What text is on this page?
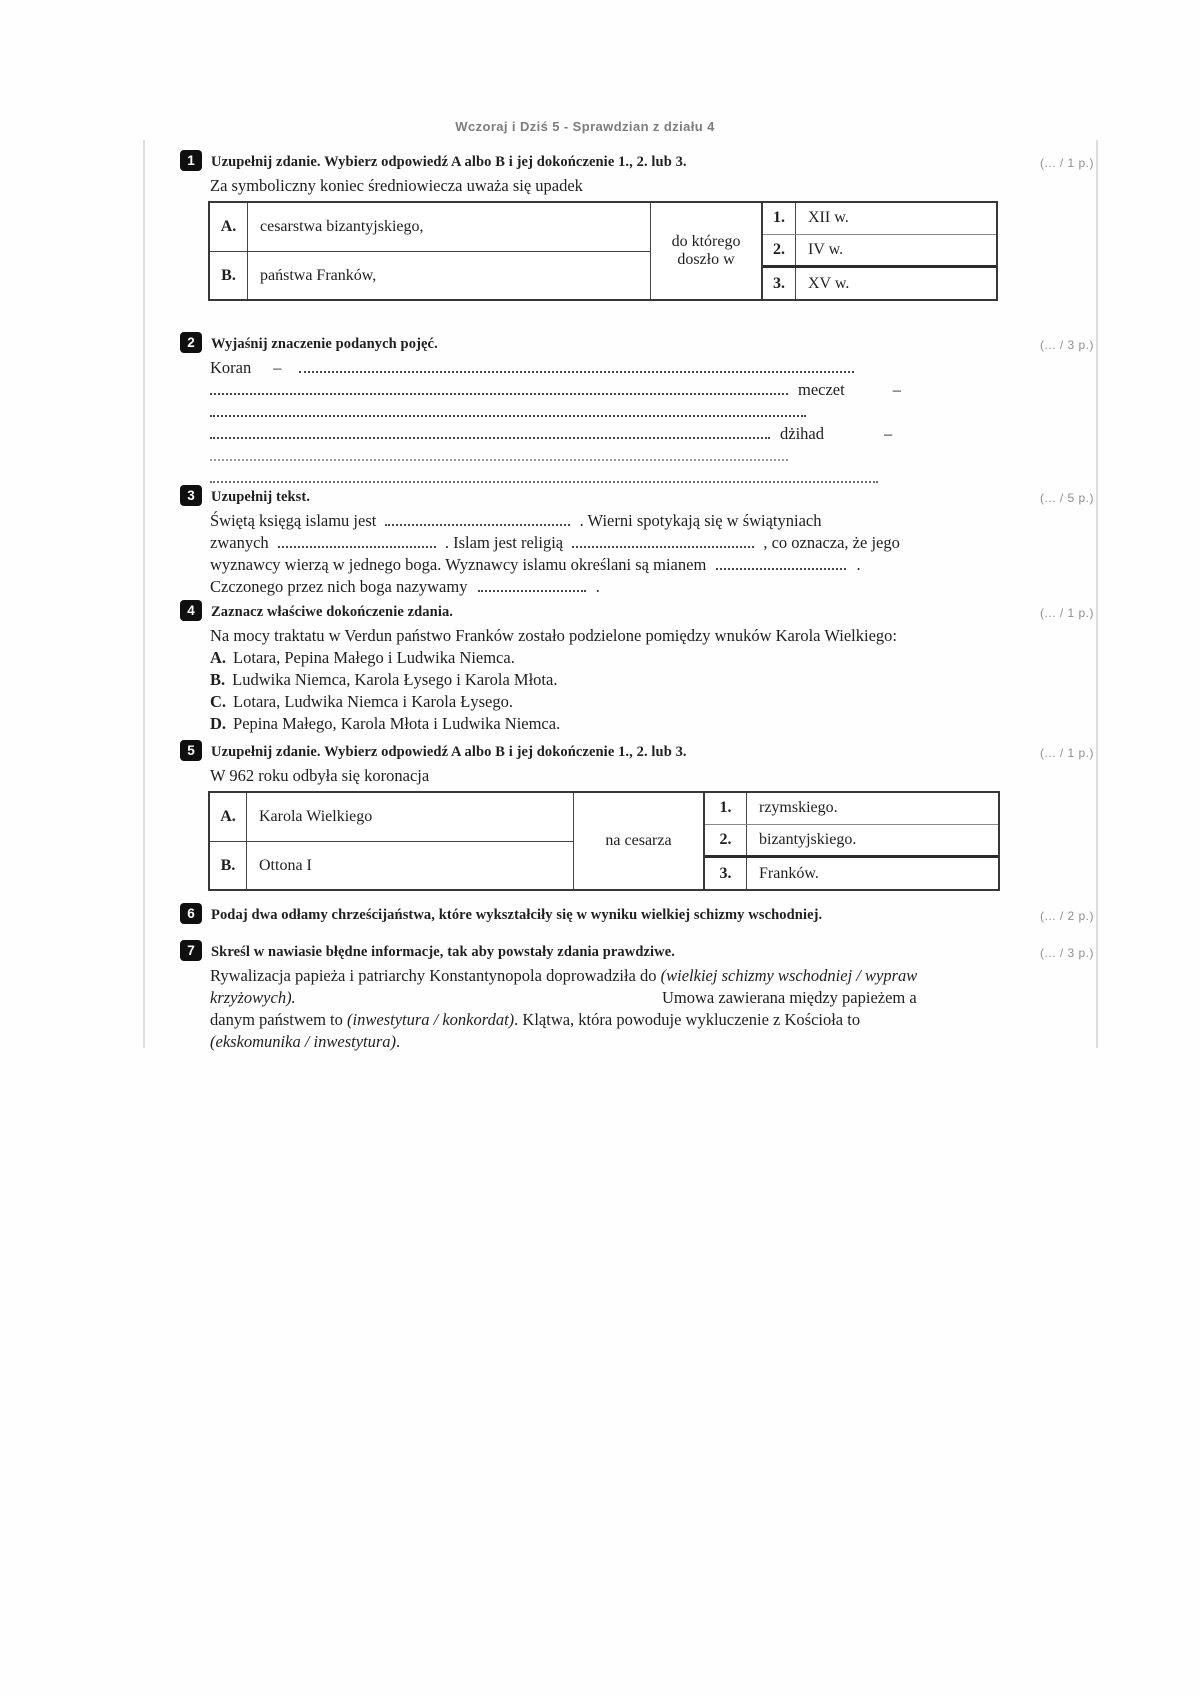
Wczoraj i Dziś 5 - Sprawdzian z działu 4
1	Uzupełnij zdanie. Wybierz odpowiedź A albo B i jej dokończenie 1., 2. lub 3.	(... / 1 p.)
Za symboliczny koniec średniowiecza uważa się upadek
A.	cesarstwa bizantyjskiego,
B.	państwa Franków,
do którego doszło w
1.	XII w.
2.	IV w.
3.	XV w.
2	Wyjaśnij znaczenie podanych pojęć.	(... / 3 p.)
Koran –
meczet	–
dżihad	–
3	Uzupełnij tekst.	(... / 5 p.)
Świętą księgą islamu jest	. Wierni spotykają się w świątyniach
zwanych	. Islam jest religią	, co oznacza, że jego
wyznawcy wierzą w jednego boga. Wyznawcy islamu określani są mianem	.
Czczonego przez nich boga nazywamy	.
4	Zaznacz właściwe dokończenie zdania.	(... / 1 p.)
Na mocy traktatu w Verdun państwo Franków zostało podzielone pomiędzy wnuków Karola Wielkiego:
A. Lotara, Pepina Małego i Ludwika Niemca.
B. Ludwika Niemca, Karola Łysego i Karola Młota.
C. Lotara, Ludwika Niemca i Karola Łysego.
D. Pepina Małego, Karola Młota i Ludwika Niemca.
5	Uzupełnij zdanie. Wybierz odpowiedź A albo B i jej dokończenie 1., 2. lub 3.	(... / 1 p.)
W 962 roku odbyła się koronacja
A.	Karola Wielkiego
B.	Ottona I
na cesarza
1.	rzymskiego.
2.	bizantyjskiego.
3.	Franków.
6	Podaj dwa odłamy chrześcijaństwa, które wykształciły się w wyniku wielkiej schizmy wschodniej.	(... / 2 p.)
7	Skreśl w nawiasie błędne informacje, tak aby powstały zdania prawdziwe.	(... / 3 p.)
Rywalizacja papieża i patriarchy Konstantynopola doprowadziła do (wielkiej schizmy wschodniej / wypraw
krzyżowych).	Umowa zawierana między papieżem a
danym państwem to (inwestytura / konkordat). Klątwa, która powoduje wykluczenie z Kościoła to
(ekskomunika / inwestytura).
